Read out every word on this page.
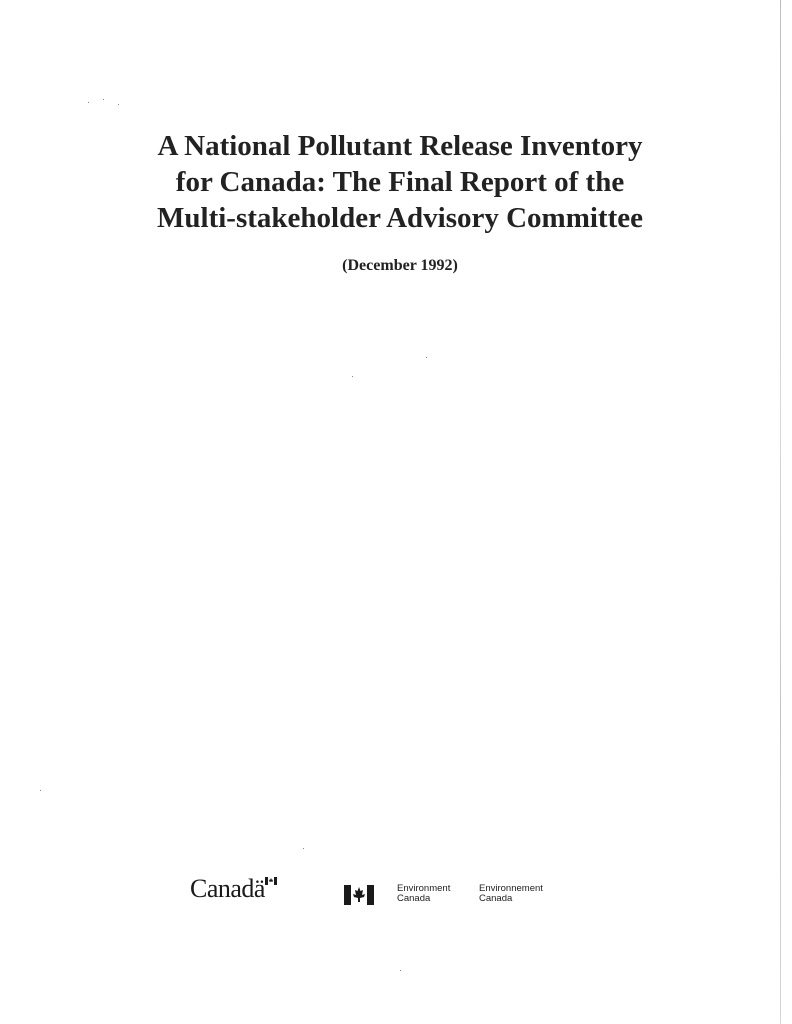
A National Pollutant Release Inventory
for Canada: The Final Report of the
Multi-stakeholder Advisory Committee
(December 1992)
Canadä	Environment
Canada
Environnement
Canada
